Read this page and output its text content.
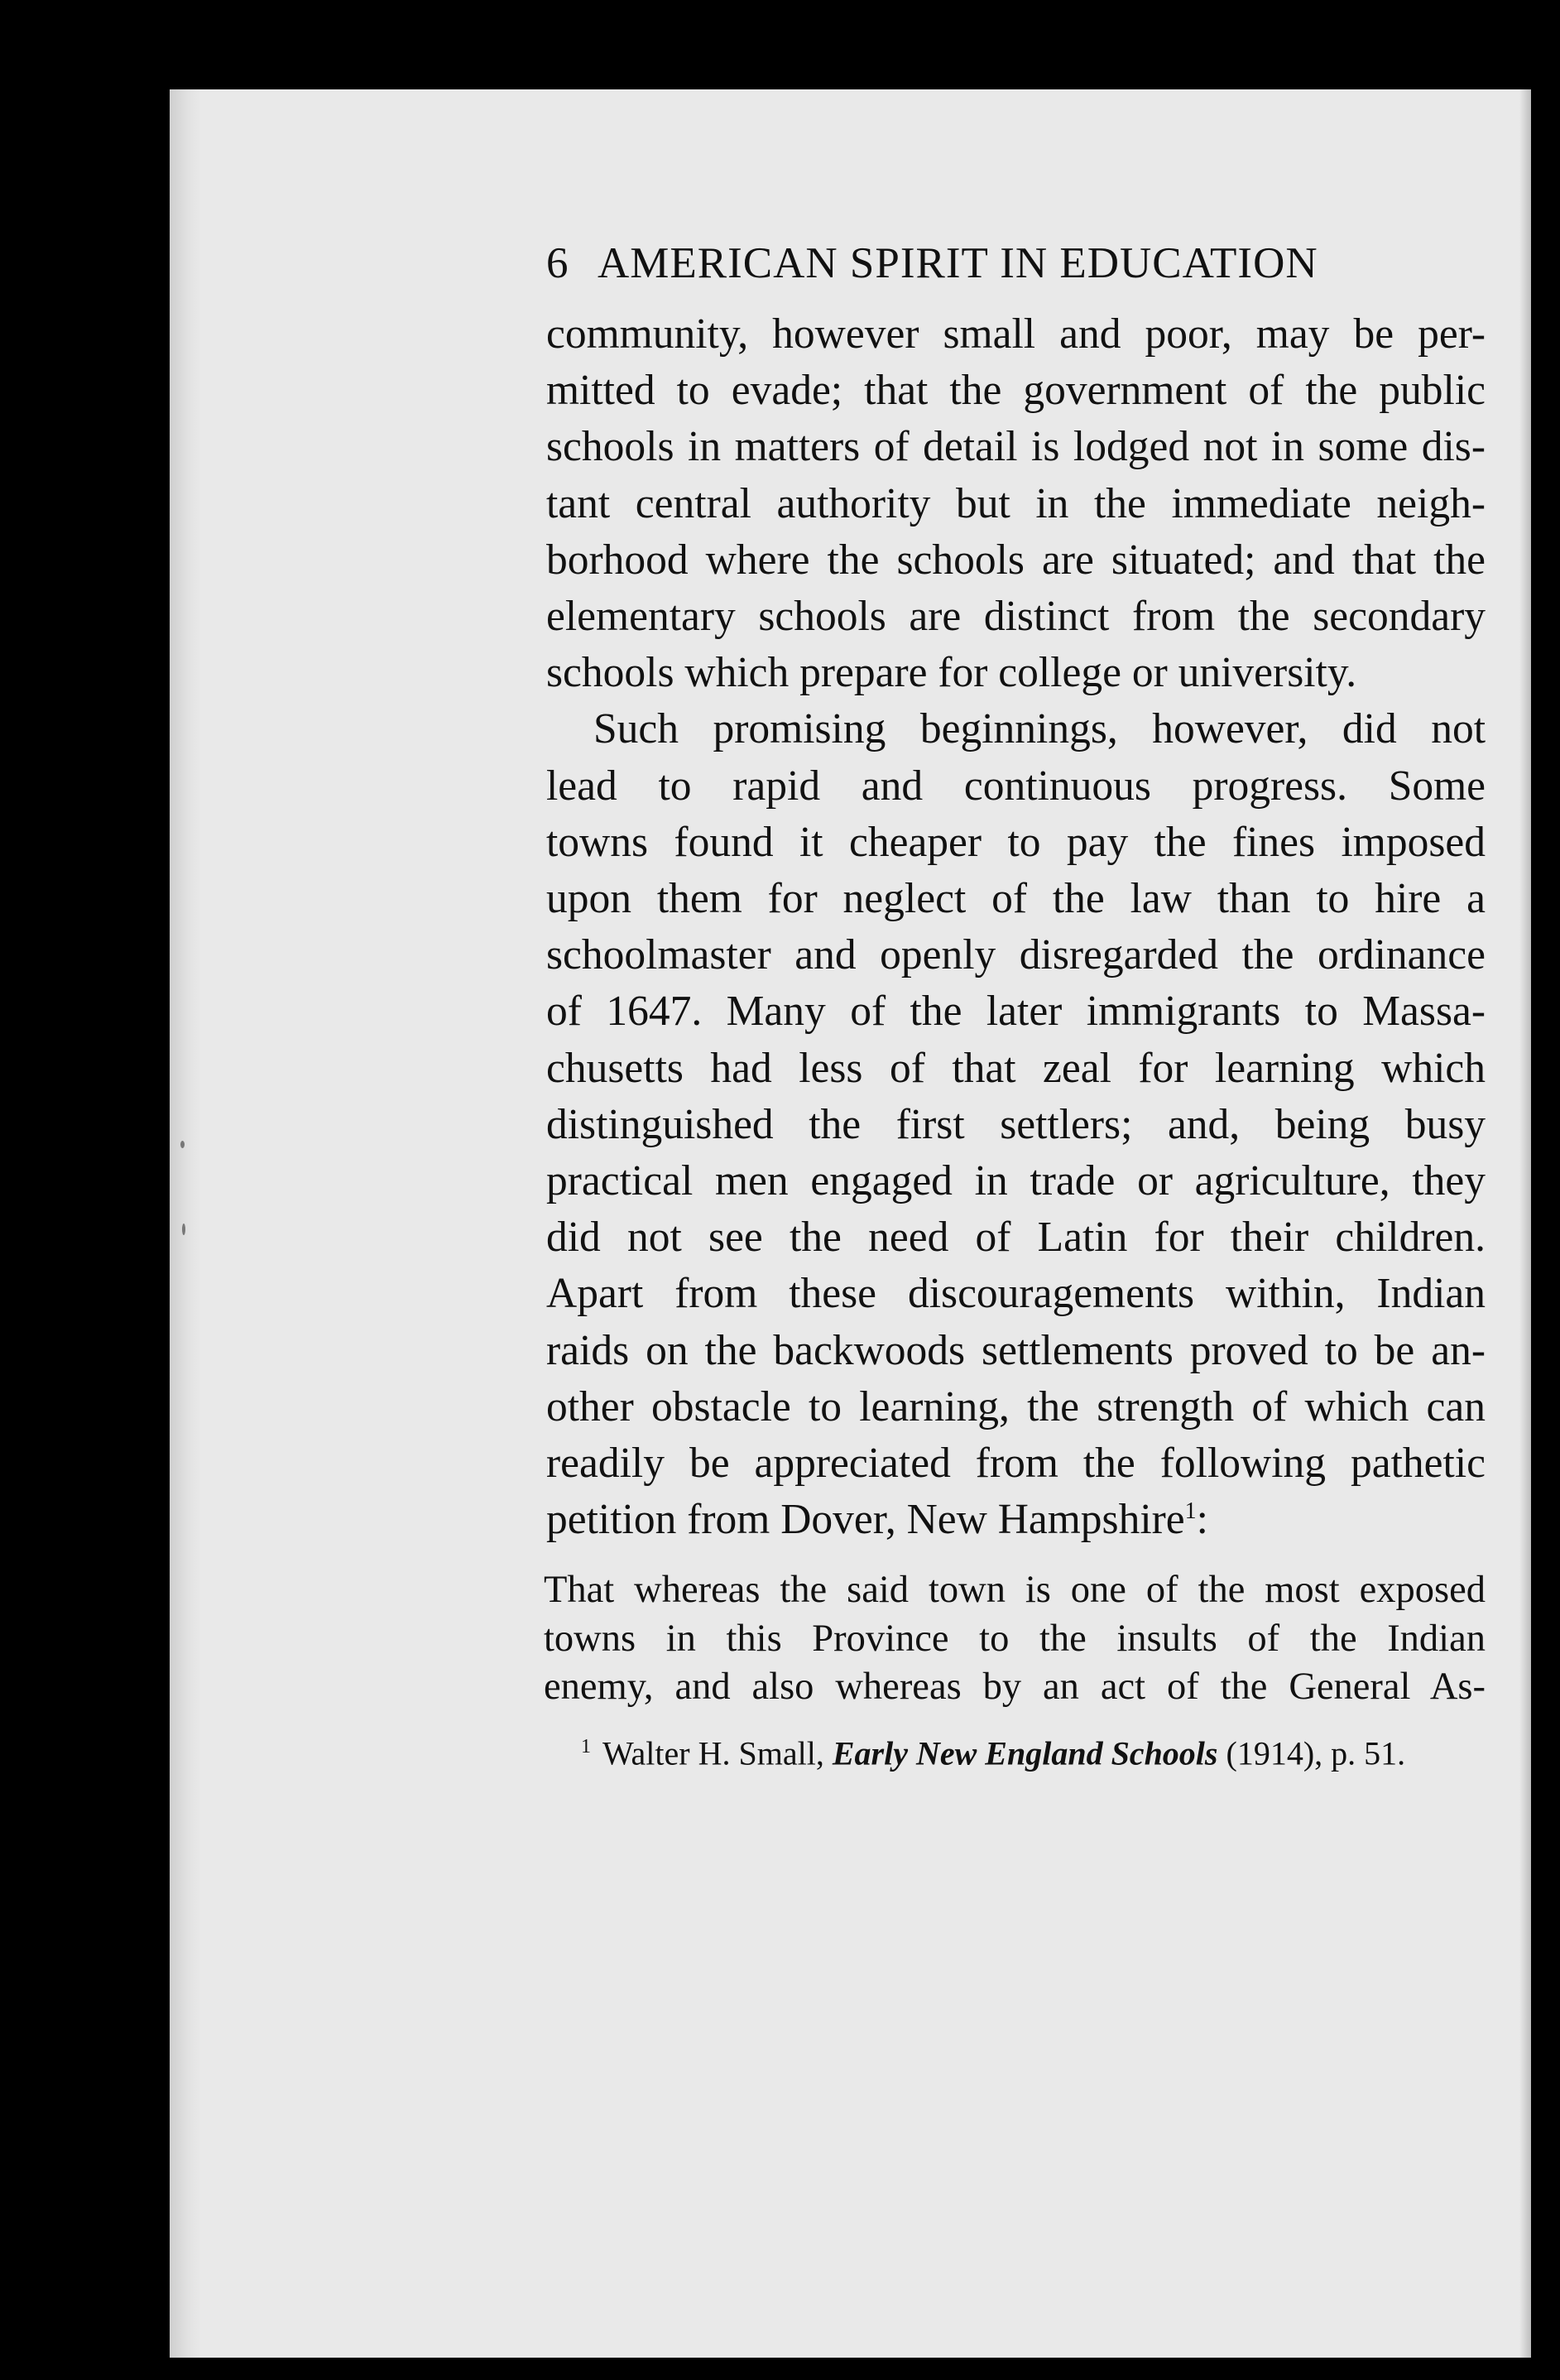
6 AMERICAN SPIRIT IN EDUCATION

community, however small and poor, may be per-
mitted to evade; that the government of the public
schools in matters of detail is lodged not in some dis-
tant central authority but in the immediate neigh-
borhood where the schools are situated; and that the
elementary schools are distinct from the secondary
schools which prepare for college or university.

Such promising beginnings, however, did not
lead to rapid and continuous progress. Some
towns found it cheaper to pay the fines imposed
upon them for neglect of the law than to hire a
schoolmaster and openly disregarded the ordinance
of 1647. Many of the later immigrants to Massa-
chusetts had less of that zeal for learning which
distinguished the first settlers; and, being busy
practical men engaged in trade or agriculture, they
did not see the need of Latin for their children.
Apart from these discouragements within, Indian
raids on the backwoods settlements proved to be an-
other obstacle to learning, the strength of which can
readily be appreciated from the following pathetic
petition from Dover, New Hampshire$^1$:

That whereas the said town is one of the most exposed
towns in this Province to the insults of the Indian
enemy, and also whereas by an act of the General As-
$^1$ Walter H. Small, Early New England Schools (1914), p. 51.
